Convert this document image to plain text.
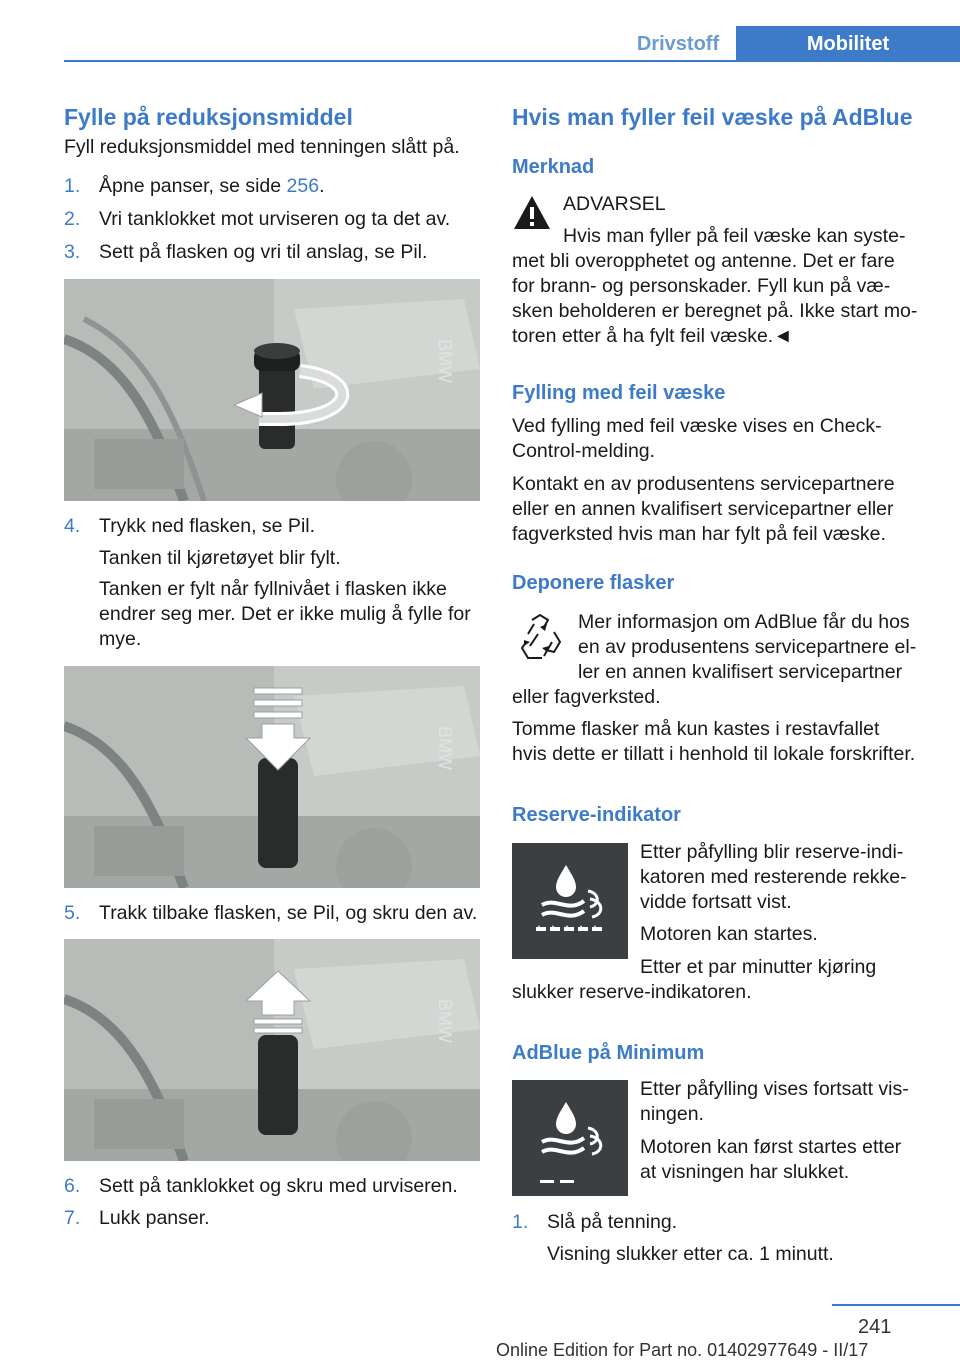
Drivstoff	Mobilitet
Fylle på reduksjonsmiddel
Fyll reduksjonsmiddel med tenningen slått på.
1. Åpne panser, se side 256.
2. Vri tanklokket mot urviseren og ta det av.
3. Sett på flasken og vri til anslag, se Pil.
BMW
4. Trykk ned flasken, se Pil.
Tanken til kjøretøyet blir fylt.
Tanken er fylt når fyllnivået i flasken ikke
endrer seg mer. Det er ikke mulig å fylle for
mye.
BMW
5. Trakk tilbake flasken, se Pil, og skru den av.
BMW
6. Sett på tanklokket og skru med urviseren.
7. Lukk panser.
Hvis man fyller feil væske på AdBlue
Merknad
ADVARSEL
Hvis man fyller på feil væske kan syste-
met bli overopphetet og antenne. Det er fare
for brann- og personskader. Fyll kun på væ-
sken beholderen er beregnet på. Ikke start mo-
toren etter å ha fylt feil væske.◄
Fylling med feil væske
Ved fylling med feil væske vises en Check-
Control-melding.
Kontakt en av produsentens servicepartnere
eller en annen kvalifisert servicepartner eller
fagverksted hvis man har fylt på feil væske.
Deponere flasker
Mer informasjon om AdBlue får du hos
en av produsentens servicepartnere el-
ler en annen kvalifisert servicepartner
eller fagverksted.
Tomme flasker må kun kastes i restavfallet
hvis dette er tillatt i henhold til lokale forskrifter.
Reserve-indikator
Etter påfylling blir reserve-indi-
katoren med resterende rekke-
vidde fortsatt vist.
Motoren kan startes.
Etter et par minutter kjøring
slukker reserve-indikatoren.
AdBlue på Minimum
Etter påfylling vises fortsatt vis-
ningen.
Motoren kan først startes etter
at visningen har slukket.
1. Slå på tenning.
Visning slukker etter ca. 1 minutt.
241
Online Edition for Part no. 01402977649 - II/17
